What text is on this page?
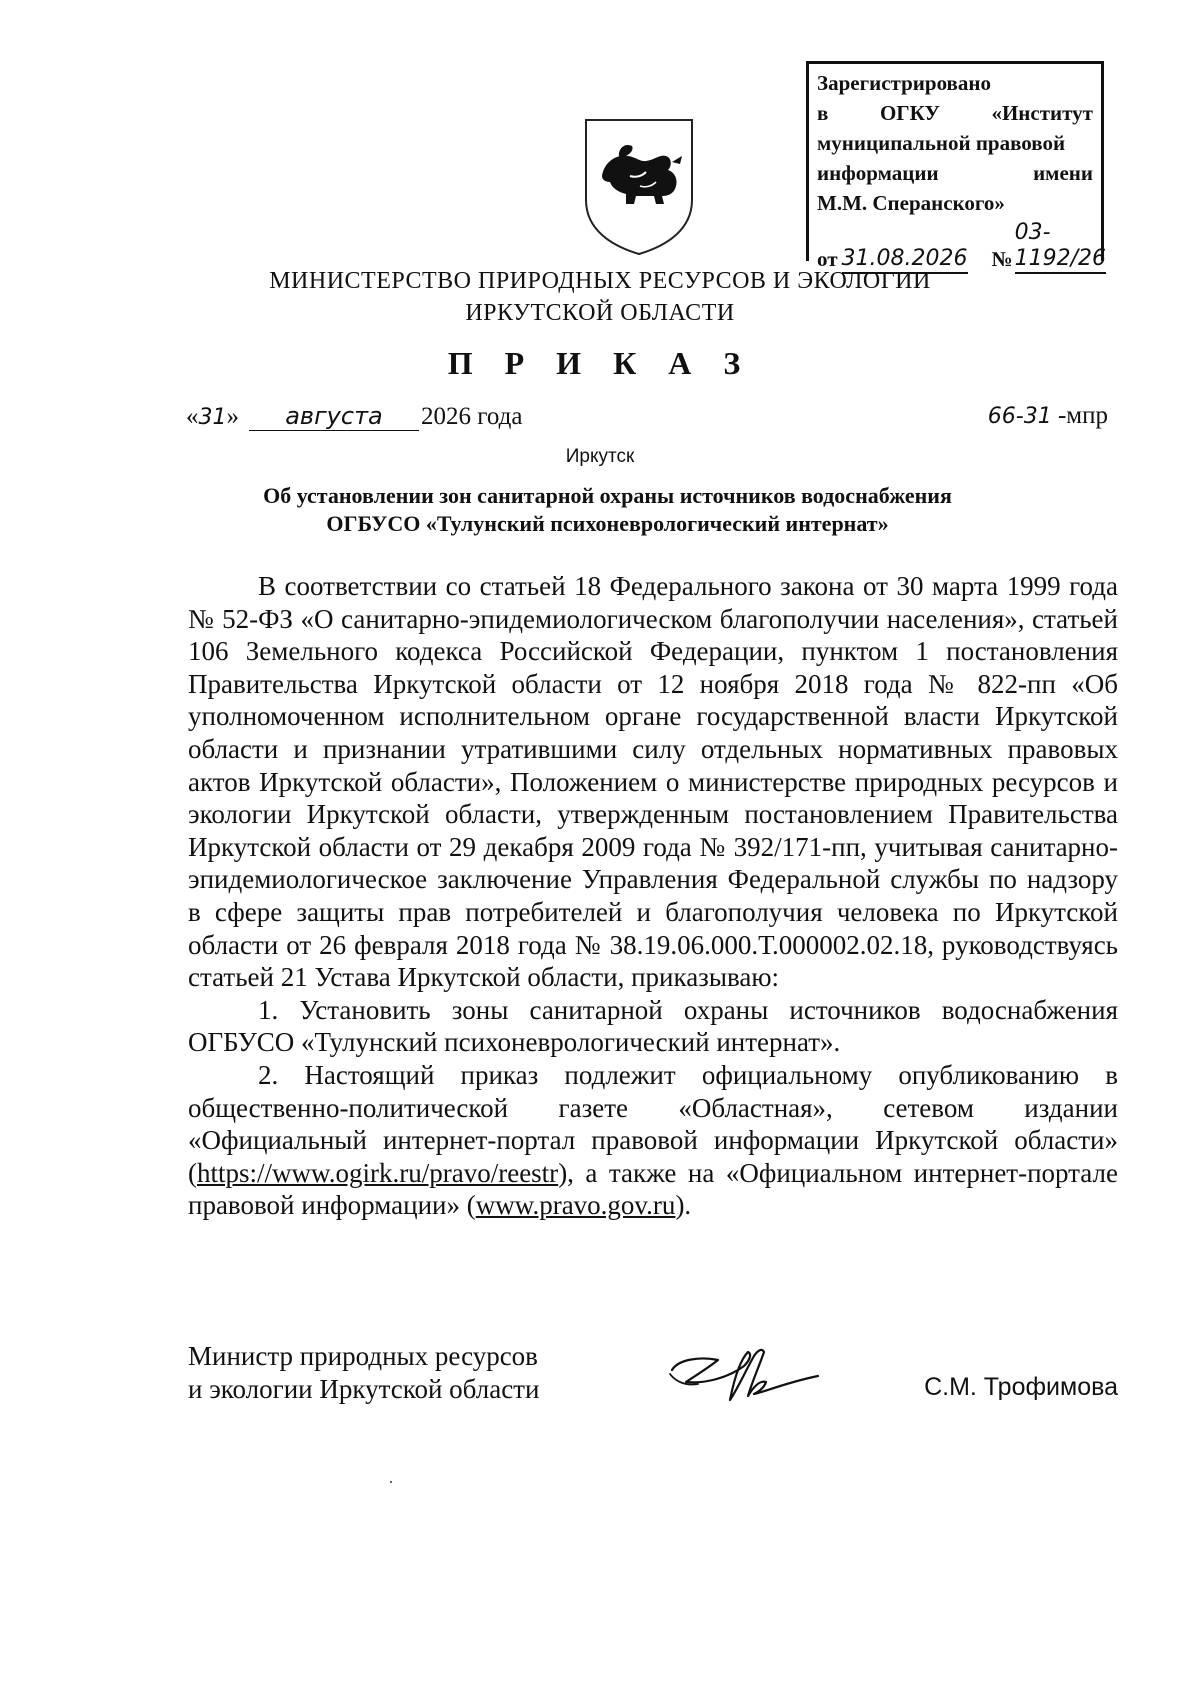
Зарегистрировано
в ОГКУ «Институт
муниципальной правовой
информации	имени
М.М. Сперанского»
от 31.08.2026 №
03-1192/26
МИНИСТЕРСТВО ПРИРОДНЫХ РЕСУРСОВ И ЭКОЛОГИИ
ИРКУТСКОЙ ОБЛАСТИ
П Р И К А З
«31» августа 2026 года	66-31 -мпр
Иркутск
Об установлении зон санитарной охраны источников водоснабжения
ОГБУСО «Тулунский психоневрологический интернат»

В соответствии со статьей 18 Федерального закона от 30 марта 1999 года № 52-ФЗ «О санитарно-эпидемиологическом благополучии населения», статьей 106 Земельного кодекса Российской Федерации, пунктом 1 постановления Правительства Иркутской области от 12 ноября 2018 года № 822-пп «Об уполномоченном исполнительном органе государственной власти Иркутской области и признании утратившими силу отдельных нормативных правовых актов Иркутской области», Положением о министерстве природных ресурсов и экологии Иркутской области, утвержденным постановлением Правительства Иркутской области от 29 декабря 2009 года № 392/171-пп, учитывая санитарно-эпидемиологическое заключение Управления Федеральной службы по надзору в сфере защиты прав потребителей и благополучия человека по Иркутской области от 26 февраля 2018 года № 38.19.06.000.Т.000002.02.18, руководствуясь статьей 21 Устава Иркутской области, приказываю:

1. Установить зоны санитарной охраны источников водоснабжения ОГБУСО «Тулунский психоневрологический интернат».

2. Настоящий приказ подлежит официальному опубликованию в общественно-политической газете «Областная», сетевом издании «Официальный интернет-портал правовой информации Иркутской области» (https://www.ogirk.ru/pravo/reestr), а также на «Официальном интернет-портале правовой информации» (www.pravo.gov.ru).

Министр природных ресурсов
и экологии Иркутской области	С.М. Трофимова
